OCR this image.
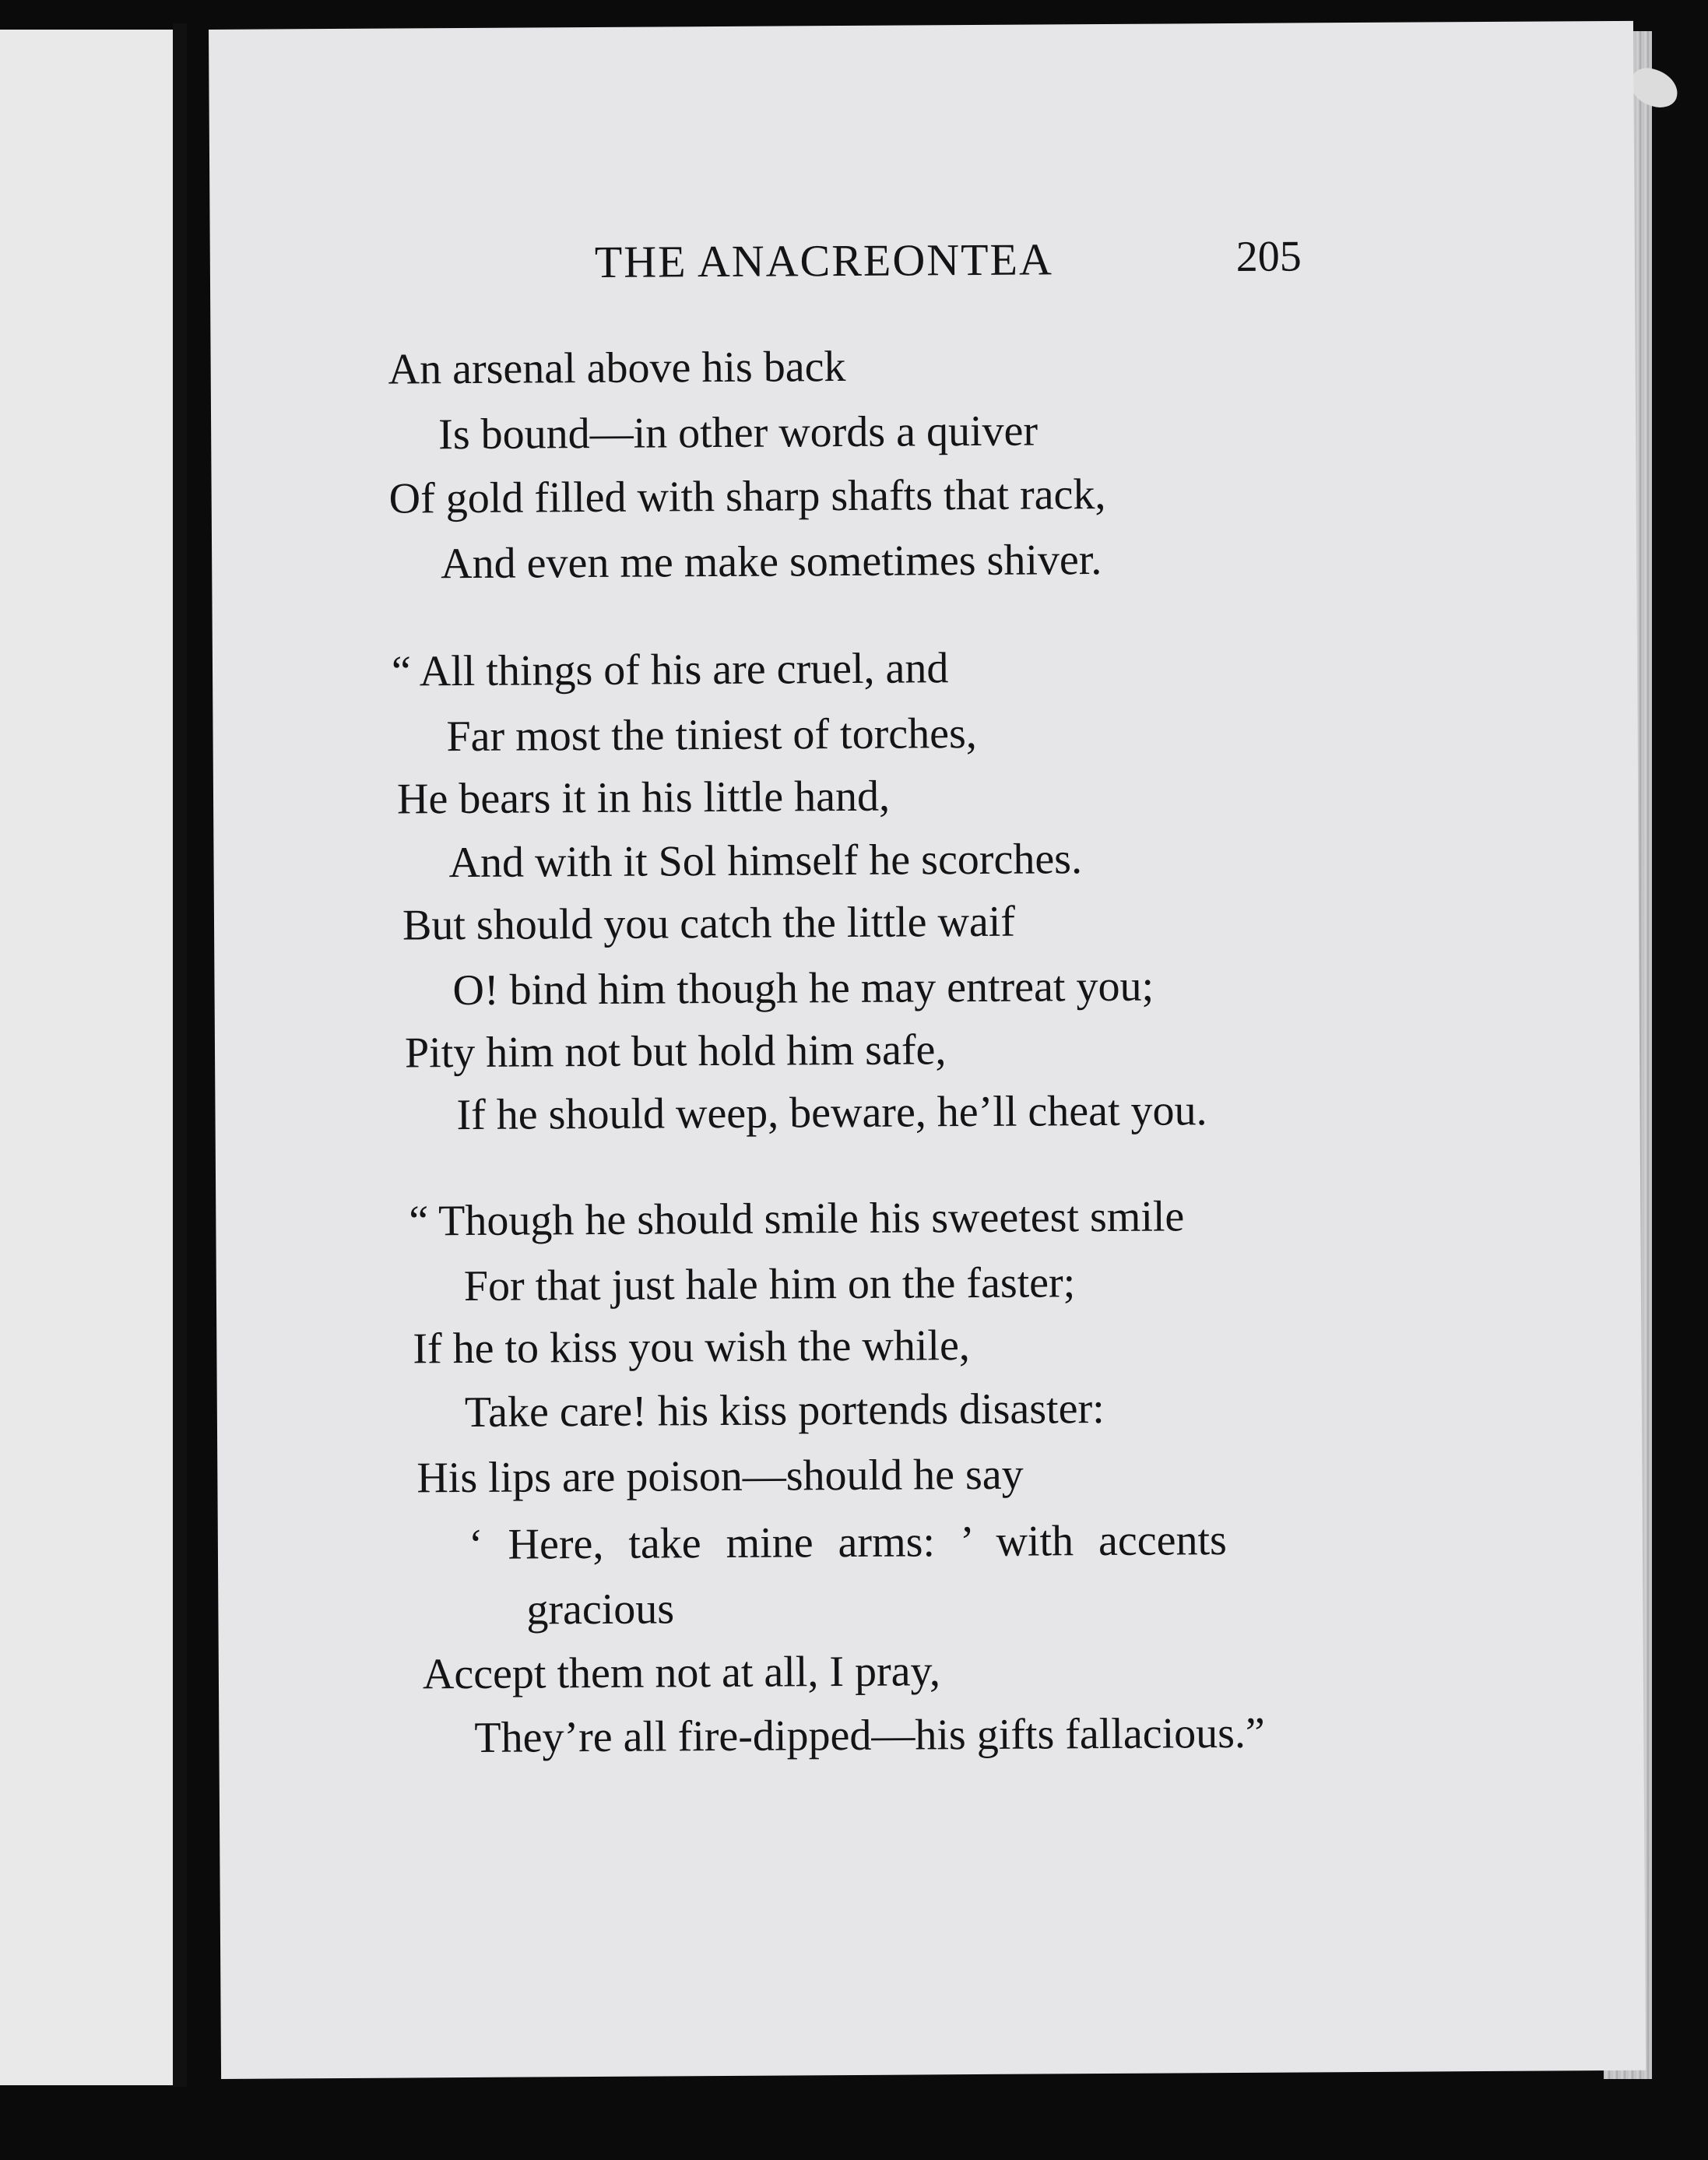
THE ANACREONTEA	205
An arsenal above his back
Is bound—in other words a quiver
Of gold filled with sharp shafts that rack,
And even me make sometimes shiver.
“ All things of his are cruel, and
Far most the tiniest of torches,
He bears it in his little hand,
And with it Sol himself he scorches.
But should you catch the little waif
O! bind him though he may entreat you;
Pity him not but hold him safe,
If he should weep, beware, he’ll cheat you.
“ Though he should smile his sweetest smile
For that just hale him on the faster;
If he to kiss you wish the while,
Take care! his kiss portends disaster:
His lips are poison—should he say
‘ Here, take mine arms: ’ with accents
gracious
Accept them not at all, I pray,
They’re all fire-dipped—his gifts fallacious.”
